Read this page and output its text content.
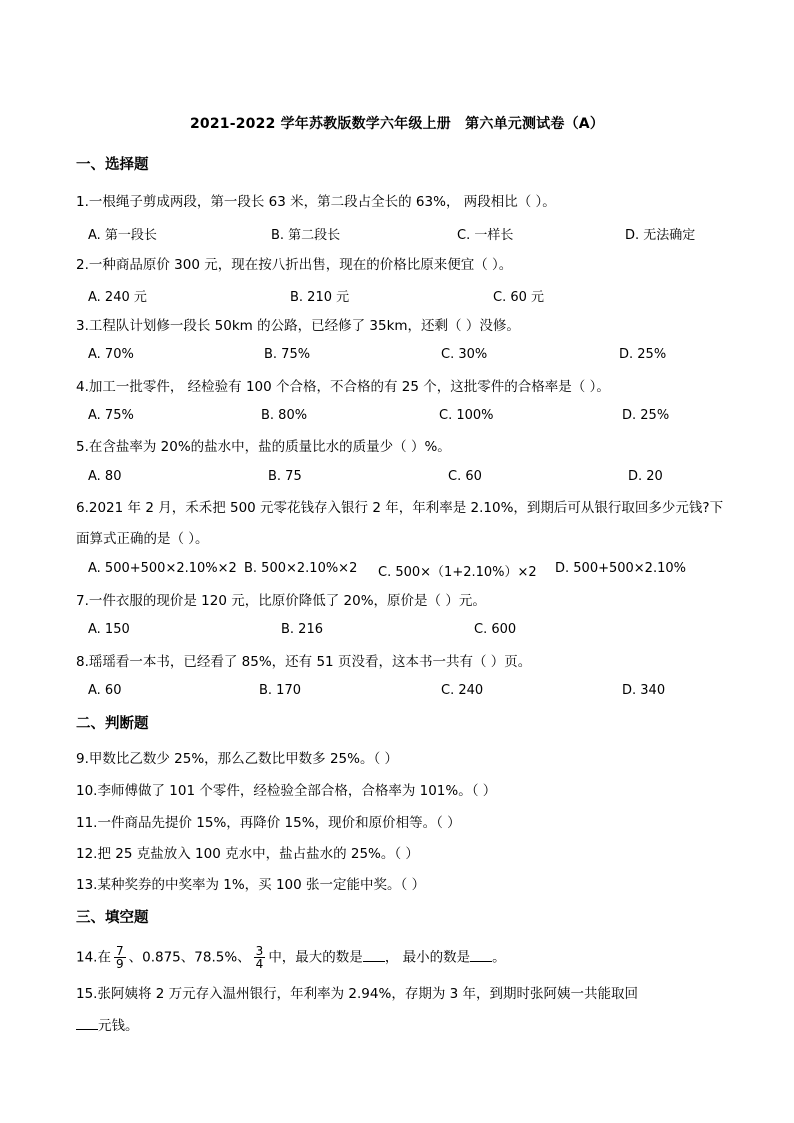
2021-2022 学年苏教版数学六年级上册　第六单元测试卷（A）
一、选择题
1.一根绳子剪成两段，第一段长 63 米，第二段占全长的 63%， 两段相比（ ）。
A. 第一段长	B. 第二段长	C. 一样长	D. 无法确定
2.一种商品原价 300 元，现在按八折出售，现在的价格比原来便宜（ ）。
A. 240 元	B. 210 元	C. 60 元
3.工程队计划修一段长 50km 的公路，已经修了 35km，还剩（ ）没修。
A. 70%	B. 75%	C. 30%	D. 25%
4.加工一批零件， 经检验有 100 个合格，不合格的有 25 个，这批零件的合格率是（ ）。
A. 75%	B. 80%	C. 100%	D. 25%
5.在含盐率为 20%的盐水中，盐的质量比水的质量少（ ）%。
A. 80	B. 75	C. 60	D. 20
6.2021 年 2 月，禾禾把 500 元零花钱存入银行 2 年，年利率是 2.10%，到期后可从银行取回多少元钱?下面算式正确的是（ ）。
A. 500+500×2.10%×2 B. 500×2.10%×2 C. 500×（1+2.10%）×2 D. 500+500×2.10%
7.一件衣服的现价是 120 元，比原价降低了 20%，原价是（ ）元。
A. 150	B. 216	C. 600
8.瑶瑶看一本书，已经看了 85%，还有 51 页没看，这本书一共有（ ）页。
A. 60	B. 170	C. 240	D. 340
二、判断题
9.甲数比乙数少 25%，那么乙数比甲数多 25%。（ ）
10.李师傅做了 101 个零件，经检验全部合格，合格率为 101%。（ ）
11.一件商品先提价 15%，再降价 15%，现价和原价相等。（ ）
12.把 25 克盐放入 100 克水中，盐占盐水的 25%。（ ）
13.某种奖券的中奖率为 1%，买 100 张一定能中奖。（ ）
三、填空题
14.在 $\frac{7}{9}$ 、0.875、78.5%、 $\frac{3}{4}$ 中，最大的数是 ， 最小的数是 。
15.张阿姨将 2 万元存入温州银行，年利率为 2.94%，存期为 3 年，到期时张阿姨一共能取回
元钱。
